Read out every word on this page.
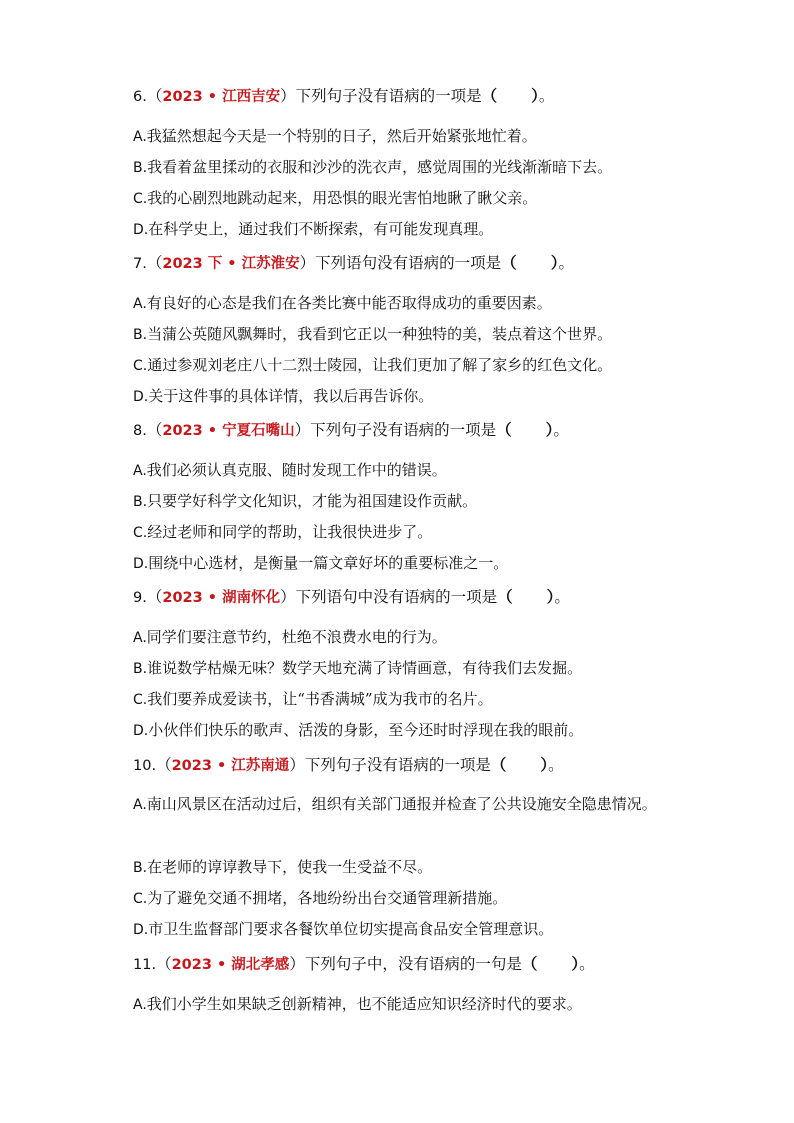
6.（2023 • 江西吉安）下列句子没有语病的一项是（ ）。
A.我猛然想起今天是一个特别的日子，然后开始紧张地忙着。
B.我看着盆里揉动的衣服和沙沙的洗衣声，感觉周围的光线渐渐暗下去。
C.我的心剧烈地跳动起来，用恐惧的眼光害怕地瞅了瞅父亲。
D.在科学史上，通过我们不断探索，有可能发现真理。
7.（2023 下 • 江苏淮安）下列语句没有语病的一项是（ ）。
A.有良好的心态是我们在各类比赛中能否取得成功的重要因素。
B.当蒲公英随风飘舞时，我看到它正以一种独特的美，装点着这个世界。
C.通过参观刘老庄八十二烈士陵园，让我们更加了解了家乡的红色文化。
D.关于这件事的具体详情，我以后再告诉你。
8.（2023 • 宁夏石嘴山）下列句子没有语病的一项是（ ）。
A.我们必须认真克服、随时发现工作中的错误。
B.只要学好科学文化知识，才能为祖国建设作贡献。
C.经过老师和同学的帮助，让我很快进步了。
D.围绕中心选材，是衡量一篇文章好坏的重要标准之一。
9.（2023 • 湖南怀化）下列语句中没有语病的一项是（ ）。
A.同学们要注意节约，杜绝不浪费水电的行为。
B.谁说数学枯燥无味？数学天地充满了诗情画意，有待我们去发掘。
C.我们要养成爱读书，让“书香满城”成为我市的名片。
D.小伙伴们快乐的歌声、活泼的身影，至今还时时浮现在我的眼前。
10.（2023 • 江苏南通）下列句子没有语病的一项是（ ）。
A.南山风景区在活动过后，组织有关部门通报并检查了公共设施安全隐患情况。
B.在老师的谆谆教导下，使我一生受益不尽。
C.为了避免交通不拥堵，各地纷纷出台交通管理新措施。
D.市卫生监督部门要求各餐饮单位切实提高食品安全管理意识。
11.（2023 • 湖北孝感）下列句子中，没有语病的一句是（ ）。
A.我们小学生如果缺乏创新精神，也不能适应知识经济时代的要求。
